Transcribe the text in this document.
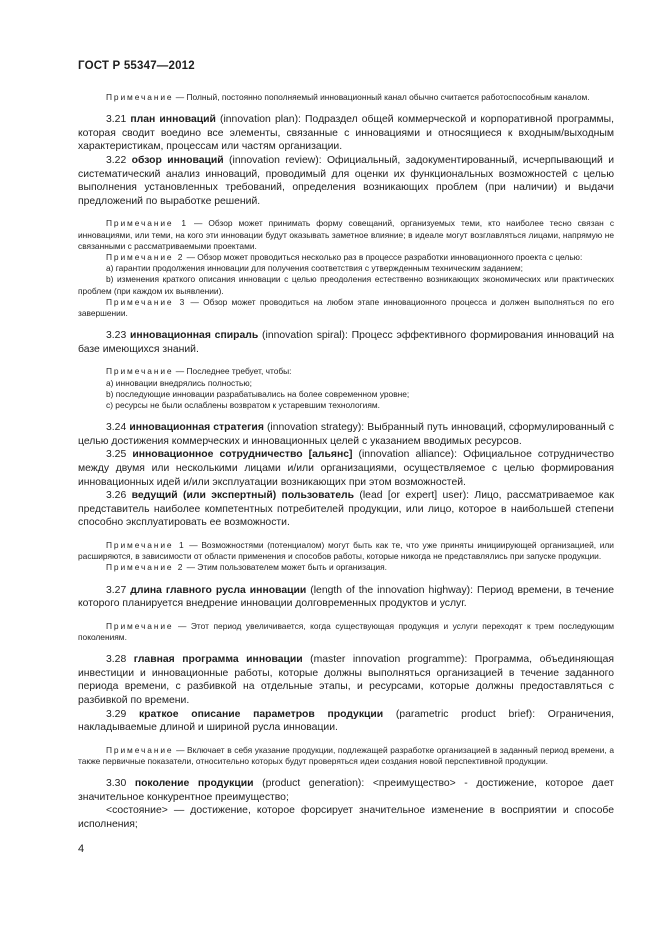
ГОСТ Р 55347—2012

Примечание — Полный, постоянно пополняемый инновационный канал обычно считается работоспособным каналом.

3.21 план инноваций (innovation plan): Подраздел общей коммерческой и корпоративной программы, которая сводит воедино все элементы, связанные с инновациями и относящиеся к входным/выходным характеристикам, процессам или частям организации.

3.22 обзор инноваций (innovation review): Официальный, задокументированный, исчерпывающий и систематический анализ инноваций, проводимый для оценки их функциональных возможностей с целью выполнения установленных требований, определения возникающих проблем (при наличии) и выдачи предложений по выработке решений.

Примечание 1 — Обзор может принимать форму совещаний, организуемых теми, кто наиболее тесно связан с инновациями, или теми, на кого эти инновации будут оказывать заметное влияние; в идеале могут возглавляться лицами, напрямую не связанными с рассматриваемыми проектами.

Примечание 2 — Обзор может проводиться несколько раз в процессе разработки инновационного проекта с целью:

а) гарантии продолжения инновации для получения соответствия с утвержденным техническим заданием;

b) изменения краткого описания инновации с целью преодоления естественно возникающих экономических или практических проблем (при каждом их выявлении).

Примечание 3 — Обзор может проводиться на любом этапе инновационного процесса и должен выполняться по его завершении.

3.23 инновационная спираль (innovation spiral): Процесс эффективного формирования инноваций на базе имеющихся знаний.

Примечание — Последнее требует, чтобы:

а) инновации внедрялись полностью;

b) последующие инновации разрабатывались на более современном уровне;

c) ресурсы не были ослаблены возвратом к устаревшим технологиям.

3.24 инновационная стратегия (innovation strategy): Выбранный путь инноваций, сформулированный с целью достижения коммерческих и инновационных целей с указанием вводимых ресурсов.

3.25 инновационное сотрудничество [альянс] (innovation alliance): Официальное сотрудничество между двумя или несколькими лицами и/или организациями, осуществляемое с целью формирования инновационных идей и/или эксплуатации возникающих при этом возможностей.

3.26 ведущий (или экспертный) пользователь (lead [or expert] user): Лицо, рассматриваемое как представитель наиболее компетентных потребителей продукции, или лицо, которое в наибольшей степени способно эксплуатировать ее возможности.

Примечание 1 — Возможностями (потенциалом) могут быть как те, что уже приняты инициирующей организацией, или расширяются, в зависимости от области применения и способов работы, которые никогда не представлялись при запуске продукции.

Примечание 2 — Этим пользователем может быть и организация.

3.27 длина главного русла инновации (length of the innovation highway): Период времени, в течение которого планируется внедрение инновации долговременных продуктов и услуг.

Примечание — Этот период увеличивается, когда существующая продукция и услуги переходят к трем последующим поколениям.

3.28 главная программа инновации (master innovation programme): Программа, объединяющая инвестиции и инновационные работы, которые должны выполняться организацией в течение заданного периода времени, с разбивкой на отдельные этапы, и ресурсами, которые должны предоставляться с разбивкой по времени.

3.29 краткое описание параметров продукции (parametric product brief): Ограничения, накладываемые длиной и шириной русла инновации.

Примечание — Включает в себя указание продукции, подлежащей разработке организацией в заданный период времени, а также первичные показатели, относительно которых будут проверяться идеи создания новой перспективной продукции.

3.30 поколение продукции (product generation): <преимущество> - достижение, которое дает значительное конкурентное преимущество;

<состояние> — достижение, которое форсирует значительное изменение в восприятии и способе исполнения;

4
